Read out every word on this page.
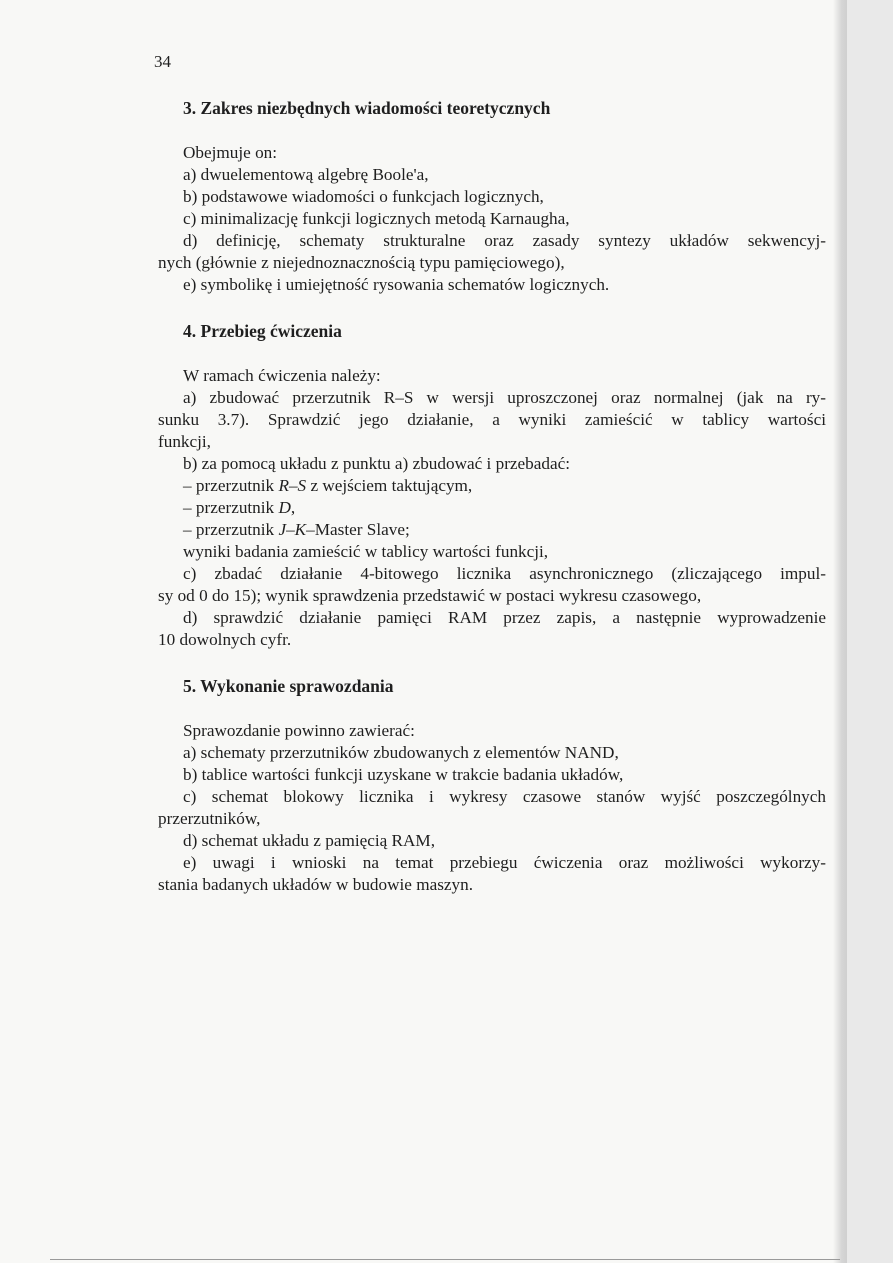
34
3. Zakres niezbędnych wiadomości teoretycznych

Obejmuje on:

a) dwuelementową algebrę Boole'a,

b) podstawowe wiadomości o funkcjach logicznych,

c) minimalizację funkcji logicznych metodą Karnaugha,

d) definicję, schematy strukturalne oraz zasady syntezy układów sekwencyj-

nych (głównie z niejednoznacznością typu pamięciowego),

e) symbolikę i umiejętność rysowania schematów logicznych.

4. Przebieg ćwiczenia

W ramach ćwiczenia należy:

a) zbudować przerzutnik R–S w wersji uproszczonej oraz normalnej (jak na ry-

sunku 3.7). Sprawdzić jego działanie, a wyniki zamieścić w tablicy wartości

funkcji,

b) za pomocą układu z punktu a) zbudować i przebadać:

– przerzutnik R–S z wejściem taktującym,

– przerzutnik D,

– przerzutnik J–K–Master Slave;

wyniki badania zamieścić w tablicy wartości funkcji,

c) zbadać działanie 4-bitowego licznika asynchronicznego (zliczającego impul-

sy od 0 do 15); wynik sprawdzenia przedstawić w postaci wykresu czasowego,

d) sprawdzić działanie pamięci RAM przez zapis, a następnie wyprowadzenie

10 dowolnych cyfr.

5. Wykonanie sprawozdania

Sprawozdanie powinno zawierać:

a) schematy przerzutników zbudowanych z elementów NAND,

b) tablice wartości funkcji uzyskane w trakcie badania układów,

c) schemat blokowy licznika i wykresy czasowe stanów wyjść poszczególnych

przerzutników,

d) schemat układu z pamięcią RAM,

e) uwagi i wnioski na temat przebiegu ćwiczenia oraz możliwości wykorzy-

stania badanych układów w budowie maszyn.
